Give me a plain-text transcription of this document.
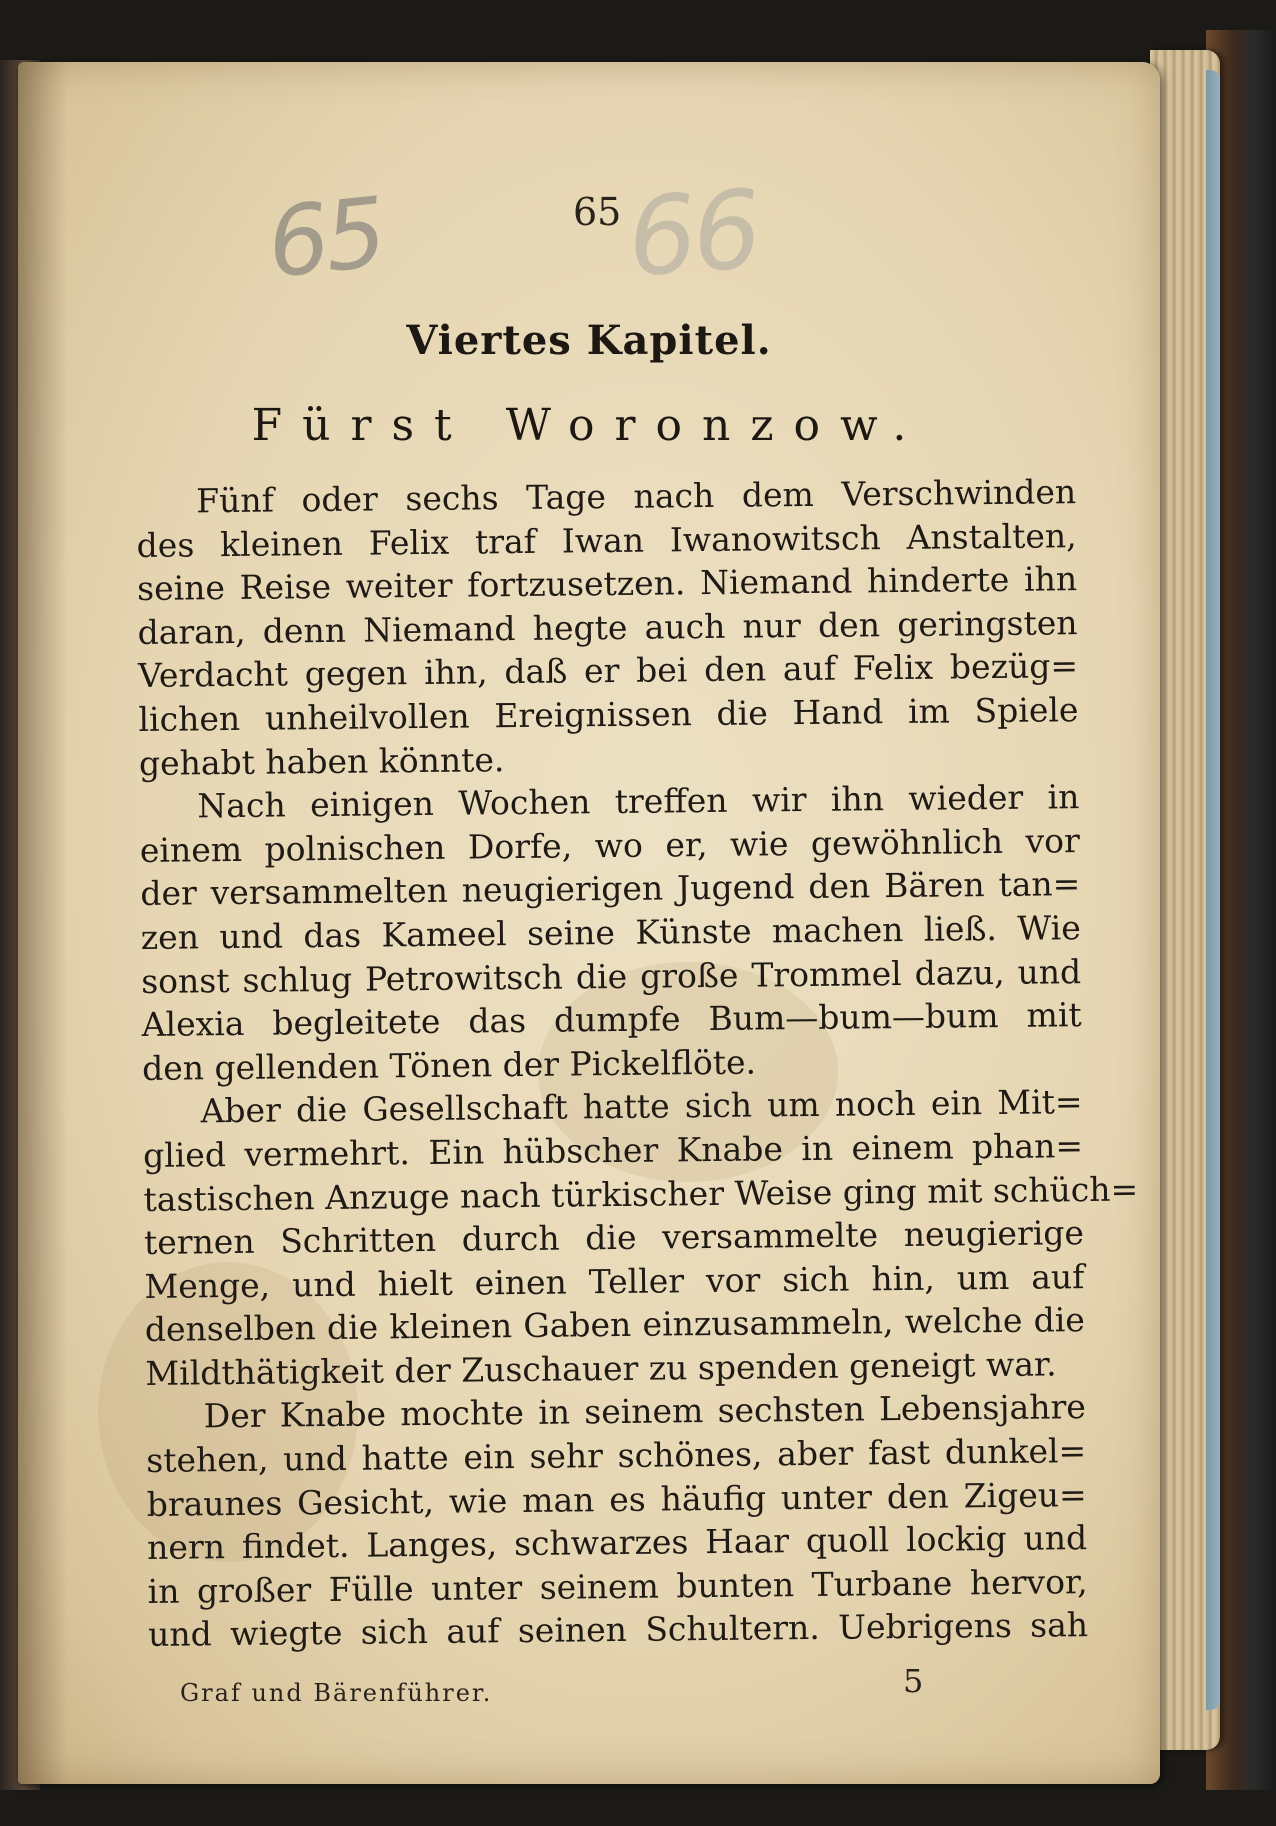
65 66
65
Viertes Kapitel.
Fürst Woronzow.
Fünf oder sechs Tage nach dem Verschwinden
des kleinen Felix traf Iwan Iwanowitsch Anstalten,
seine Reise weiter fortzusetzen. Niemand hinderte ihn
daran, denn Niemand hegte auch nur den geringsten
Verdacht gegen ihn, daß er bei den auf Felix bezüg=
lichen unheilvollen Ereignissen die Hand im Spiele
gehabt haben könnte.
Nach einigen Wochen treffen wir ihn wieder in
einem polnischen Dorfe, wo er, wie gewöhnlich vor
der versammelten neugierigen Jugend den Bären tan=
zen und das Kameel seine Künste machen ließ. Wie
sonst schlug Petrowitsch die große Trommel dazu, und
Alexia begleitete das dumpfe Bum—bum—bum mit
den gellenden Tönen der Pickelflöte.
Aber die Gesellschaft hatte sich um noch ein Mit=
glied vermehrt. Ein hübscher Knabe in einem phan=
tastischen Anzuge nach türkischer Weise ging mit schüch=
ternen Schritten durch die versammelte neugierige
Menge, und hielt einen Teller vor sich hin, um auf
denselben die kleinen Gaben einzusammeln, welche die
Mildthätigkeit der Zuschauer zu spenden geneigt war.
Der Knabe mochte in seinem sechsten Lebensjahre
stehen, und hatte ein sehr schönes, aber fast dunkel=
braunes Gesicht, wie man es häufig unter den Zigeu=
nern findet. Langes, schwarzes Haar quoll lockig und
in großer Fülle unter seinem bunten Turbane hervor,
und wiegte sich auf seinen Schultern. Uebrigens sah
Graf und Bärenführer.	5
